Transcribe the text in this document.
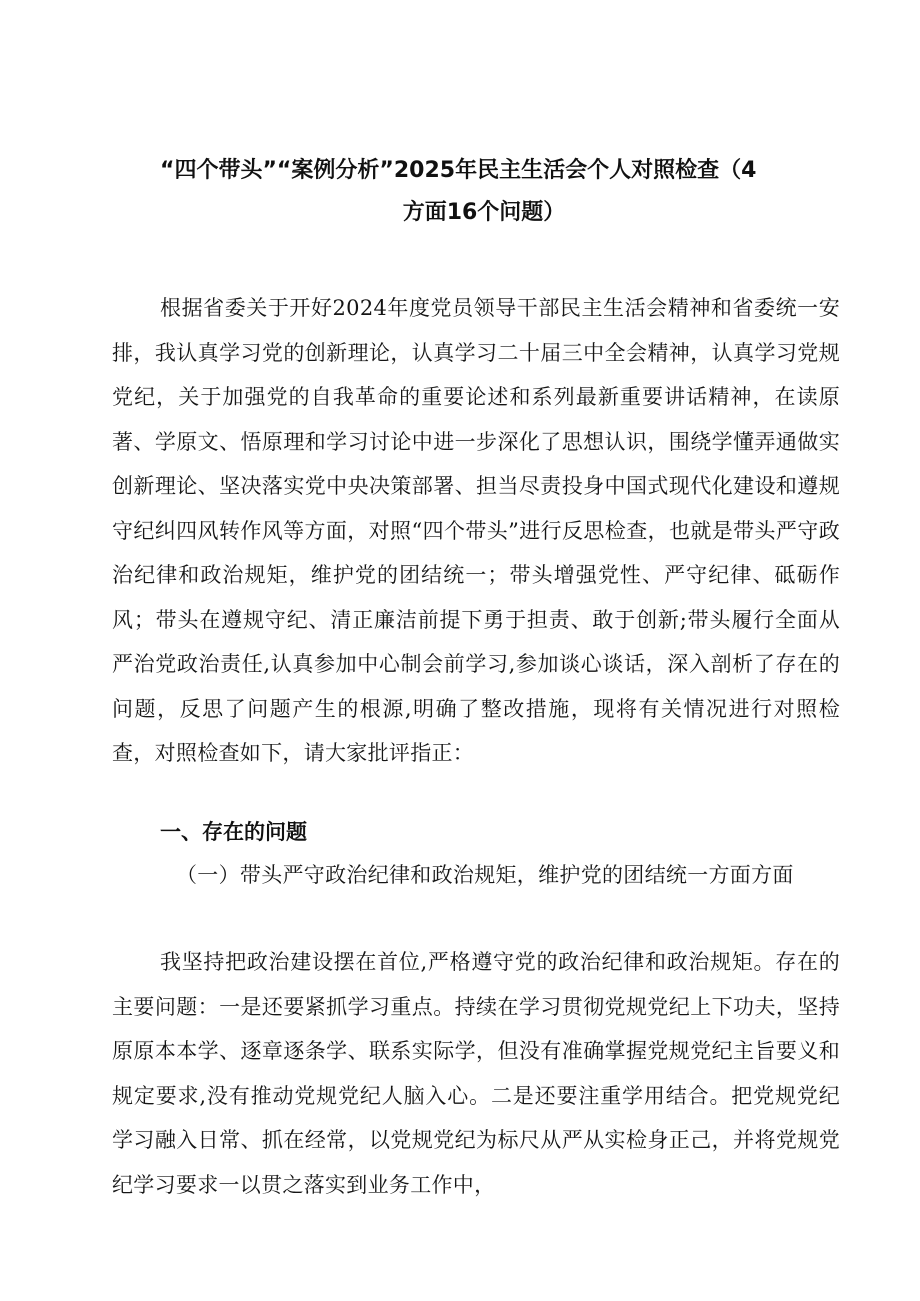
“四个带头”“案例分析”2025年民主生活会个人对照检查（4
方面16个问题）
根据省委关于开好2024年度党员领导干部民主生活会精神和省委统一安排，我认真学习党的创新理论，认真学习二十届三中全会精神，认真学习党规党纪，关于加强党的自我革命的重要论述和系列最新重要讲话精神，在读原著、学原文、悟原理和学习讨论中进一步深化了思想认识，围绕学懂弄通做实创新理论、坚决落实党中央决策部署、担当尽责投身中国式现代化建设和遵规守纪纠四风转作风等方面，对照“四个带头”进行反思检查，也就是带头严守政治纪律和政治规矩，维护党的团结统一；带头增强党性、严守纪律、砥砺作风；带头在遵规守纪、清正廉洁前提下勇于担责、敢于创新;带头履行全面从严治党政治责任,认真参加中心制会前学习,参加谈心谈话，深入剖析了存在的问题，反思了问题产生的根源,明确了整改措施，现将有关情况进行对照检查，对照检查如下，请大家批评指正：
一、存在的问题
（一）带头严守政治纪律和政治规矩，维护党的团结统一方面方面
我坚持把政治建设摆在首位,严格遵守党的政治纪律和政治规矩。存在的主要问题：一是还要紧抓学习重点。持续在学习贯彻党规党纪上下功夫，坚持原原本本学、逐章逐条学、联系实际学，但没有准确掌握党规党纪主旨要义和规定要求,没有推动党规党纪人脑入心。二是还要注重学用结合。把党规党纪学习融入日常、抓在经常，以党规党纪为标尺从严从实检身正己，并将党规党纪学习要求一以贯之落实到业务工作中，
